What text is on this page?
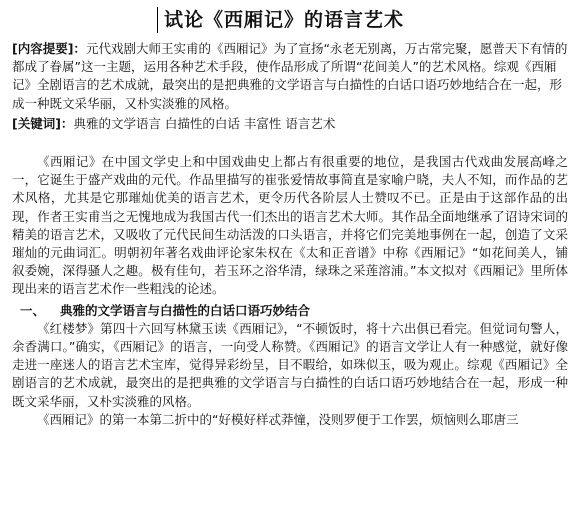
试论《西厢记》的语言艺术

[内容提要]：元代戏剧大师王实甫的《西厢记》为了宣扬“永老无别离，万古常完聚，愿普天下有情的都成了眷属”这一主题，运用各种艺术手段，使作品形成了所谓“花间美人”的艺术风格。综观《西厢记》全剧语言的艺术成就，最突出的是把典雅的文学语言与白描性的白话口语巧妙地结合在一起，形成一种既文采华丽，又朴实淡雅的风格。

[关键词]：典雅的文学语言 白描性的白话 丰富性 语言艺术

《西厢记》在中国文学史上和中国戏曲史上都占有很重要的地位，是我国古代戏曲发展高峰之一，它诞生于盛产戏曲的元代。作品里描写的崔张爱情故事简直是家喻户晓，夫人不知，而作品的艺术风格，尤其是它那璀灿优美的语言艺术，更令历代各阶层人士赞叹不已。正是由于这部作品的出现，作者王实甫当之无愧地成为我国古代一们杰出的语言艺术大师。其作品全面地继承了诏诗宋词的精美的语言艺术，又吸收了元代民间生动活泼的口头语言，并将它们完美地事例在一起，创造了文采璀灿的元曲词汇。明朝初年著名戏曲评论家朱权在《太和正音谱》中称《西厢记》“如花间美人，铺叙委婉，深得骚人之趣。极有佳句，若玉环之浴华清，绿珠之采莲溶浦。”本文拟对《西厢记》里所体现出来的语言艺术作一些粗浅的论述。

一、 典雅的文学语言与白描性的白话口语巧妙结合

《红楼梦》第四十六回写林黛玉读《西厢记》，“不顿饭时，将十六出俱已看完。但觉词句警人，余香满口。”确实，《西厢记》的语言，一向受人称赞。《西厢记》的语言文学让人有一种感觉，就好像走进一座迷人的语言艺术宝库，觉得异彩纷呈，目不暇给，如珠似玉，吸为观止。综观《西厢记》全剧语言的艺术成就，最突出的是把典雅的文学语言与白描性的白话口语巧妙地结合在一起，形成一种既文采华丽，又朴实淡雅的风格。

《西厢记》的第一本第二折中的“好模好样忒莽憧，没则罗便于工作罢，烦恼则么耶唐三
